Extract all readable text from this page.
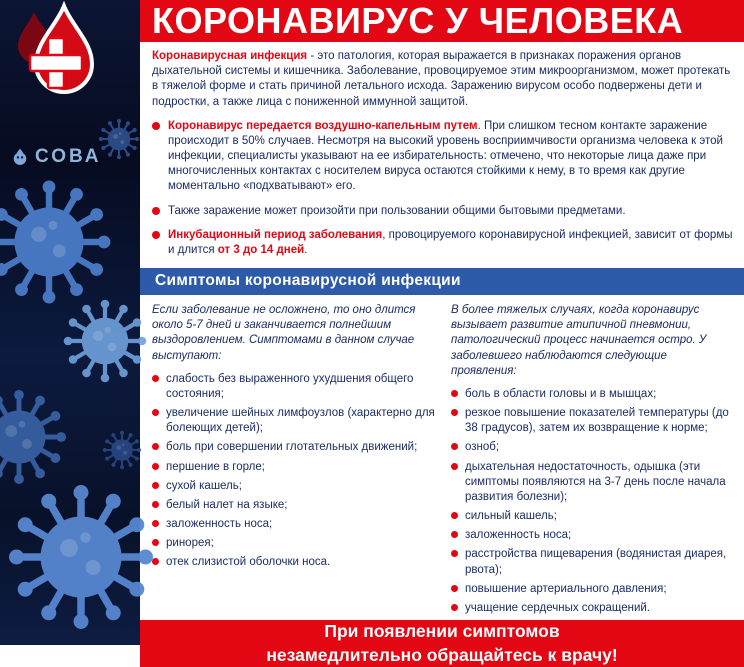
СОВА
КОРОНАВИРУС У ЧЕЛОВЕКА

Коронавирусная инфекция - это патология, которая выражается в признаках поражения органов дыхательной системы и кишечника. Заболевание, провоцируемое этим микроорганизмом, может протекать в тяжелой форме и стать причиной летального исхода. Заражению вирусом особо подвержены дети и подростки, а также лица с пониженной иммунной защитой.

Коронавирус передается воздушно-капельным путем. При слишком тесном контакте заражение происходит в 50% случаев. Несмотря на высокий уровень восприимчивости организма человека к этой инфекции, специалисты указывают на ее избирательность: отмечено, что некоторые лица даже при многочисленных контактах с носителем вируса остаются стойкими к нему, в то время как другие моментально «подхватывают» его.

Также заражение может произойти при пользовании общими бытовыми предметами.

Инкубационный период заболевания, провоцируемого коронавирусной инфекцией, зависит от формы и длится от 3 до 14 дней.

Симптомы коронавирусной инфекции

Если заболевание не осложнено, то оно длится около 5-7 дней и заканчивается полнейшим выздоровлением. Симптомами в данном случае выступают:

слабость без выраженного ухудшения общего состояния;

увеличение шейных лимфоузлов (характерно для болеющих детей);

боль при совершении глотательных движений;

першение в горле;

сухой кашель;

белый налет на языке;

заложенность носа;

ринорея;

отек слизистой оболочки носа.

В более тяжелых случаях, когда коронавирус вызывает развитие атипичной пневмонии, патологический процесс начинается остро. У заболевшего наблюдаются следующие проявления:

боль в области головы и в мышцах;

резкое повышение показателей температуры (до 38 градусов), затем их возвращение к норме;

озноб;

дыхательная недостаточность, одышка (эти симптомы появляются на 3-7 день после начала развития болезни);

сильный кашель;

заложенность носа;

расстройства пищеварения (водянистая диарея, рвота);

повышение артериального давления;

учащение сердечных сокращений.

При появлении симптомов
незамедлительно обращайтесь к врачу!
